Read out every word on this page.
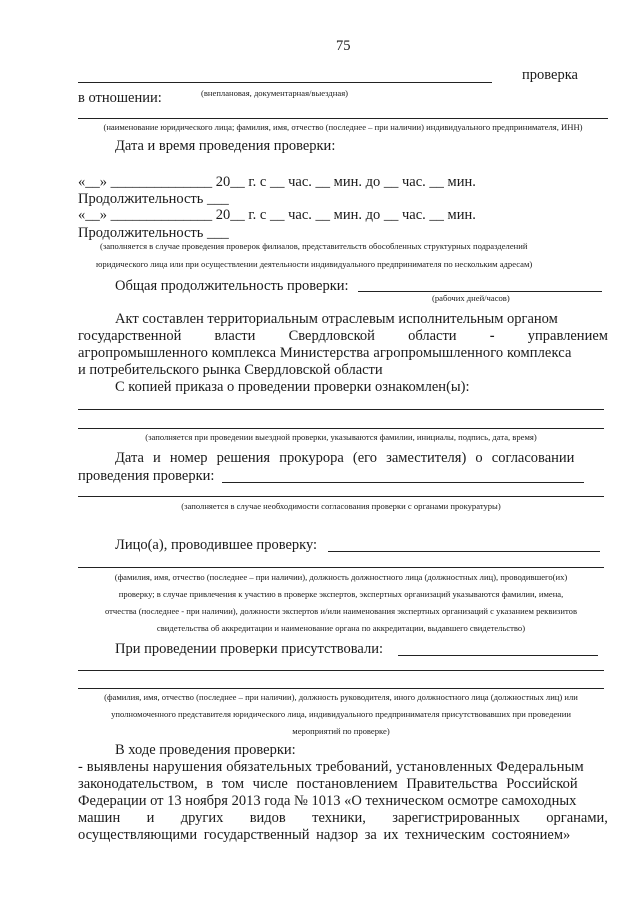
75
проверка
в отношении:	(внеплановая, документарная/выездная)
(наименование юридического лица; фамилия, имя, отчество (последнее – при наличии) индивидуального предпринимателя, ИНН)
Дата и время проведения проверки:
«__» ______________ 20__ г. с __ час. __ мин. до __ час. __ мин.
Продолжительность ___
«__» ______________ 20__ г. с __ час. __ мин. до __ час. __ мин.
Продолжительность ___
(заполняется в случае проведения проверок филиалов, представительств обособленных структурных подразделений
юридического лица или при осуществлении деятельности индивидуального предпринимателя по нескольким адресам)
Общая продолжительность проверки:
(рабочих дней/часов)
Акт составлен территориальным отраслевым исполнительным органом
государственной власти Свердловской области - управлением
агропромышленного комплекса Министерства агропромышленного комплекса
и потребительского рынка Свердловской области
С копией приказа о проведении проверки ознакомлен(ы):
(заполняется при проведении выездной проверки, указываются фамилии, инициалы, подпись, дата, время)
Дата и номер решения прокурора (его заместителя) о согласовании
проведения проверки:
(заполняется в случае необходимости согласования проверки с органами прокуратуры)
Лицо(а), проводившее проверку:
(фамилия, имя, отчество (последнее – при наличии), должность должностного лица (должностных лиц), проводившего(их)
проверку; в случае привлечения к участию в проверке экспертов, экспертных организаций указываются фамилии, имена,
отчества (последнее - при наличии), должности экспертов и/или наименования экспертных организаций с указанием реквизитов
свидетельства об аккредитации и наименование органа по аккредитации, выдавшего свидетельство)
При проведении проверки присутствовали:
(фамилия, имя, отчество (последнее – при наличии), должность руководителя, иного должностного лица (должностных лиц) или
уполномоченного представителя юридического лица, индивидуального предпринимателя присутствовавших при проведении
мероприятий по проверке)
В ходе проведения проверки:
- выявлены нарушения обязательных требований, установленных Федеральным
законодательством, в том числе постановлением Правительства Российской
Федерации от 13 ноября 2013 года № 1013 «О техническом осмотре самоходных
машин и других видов техники, зарегистрированных органами,
осуществляющими государственный надзор за их техническим состоянием»
